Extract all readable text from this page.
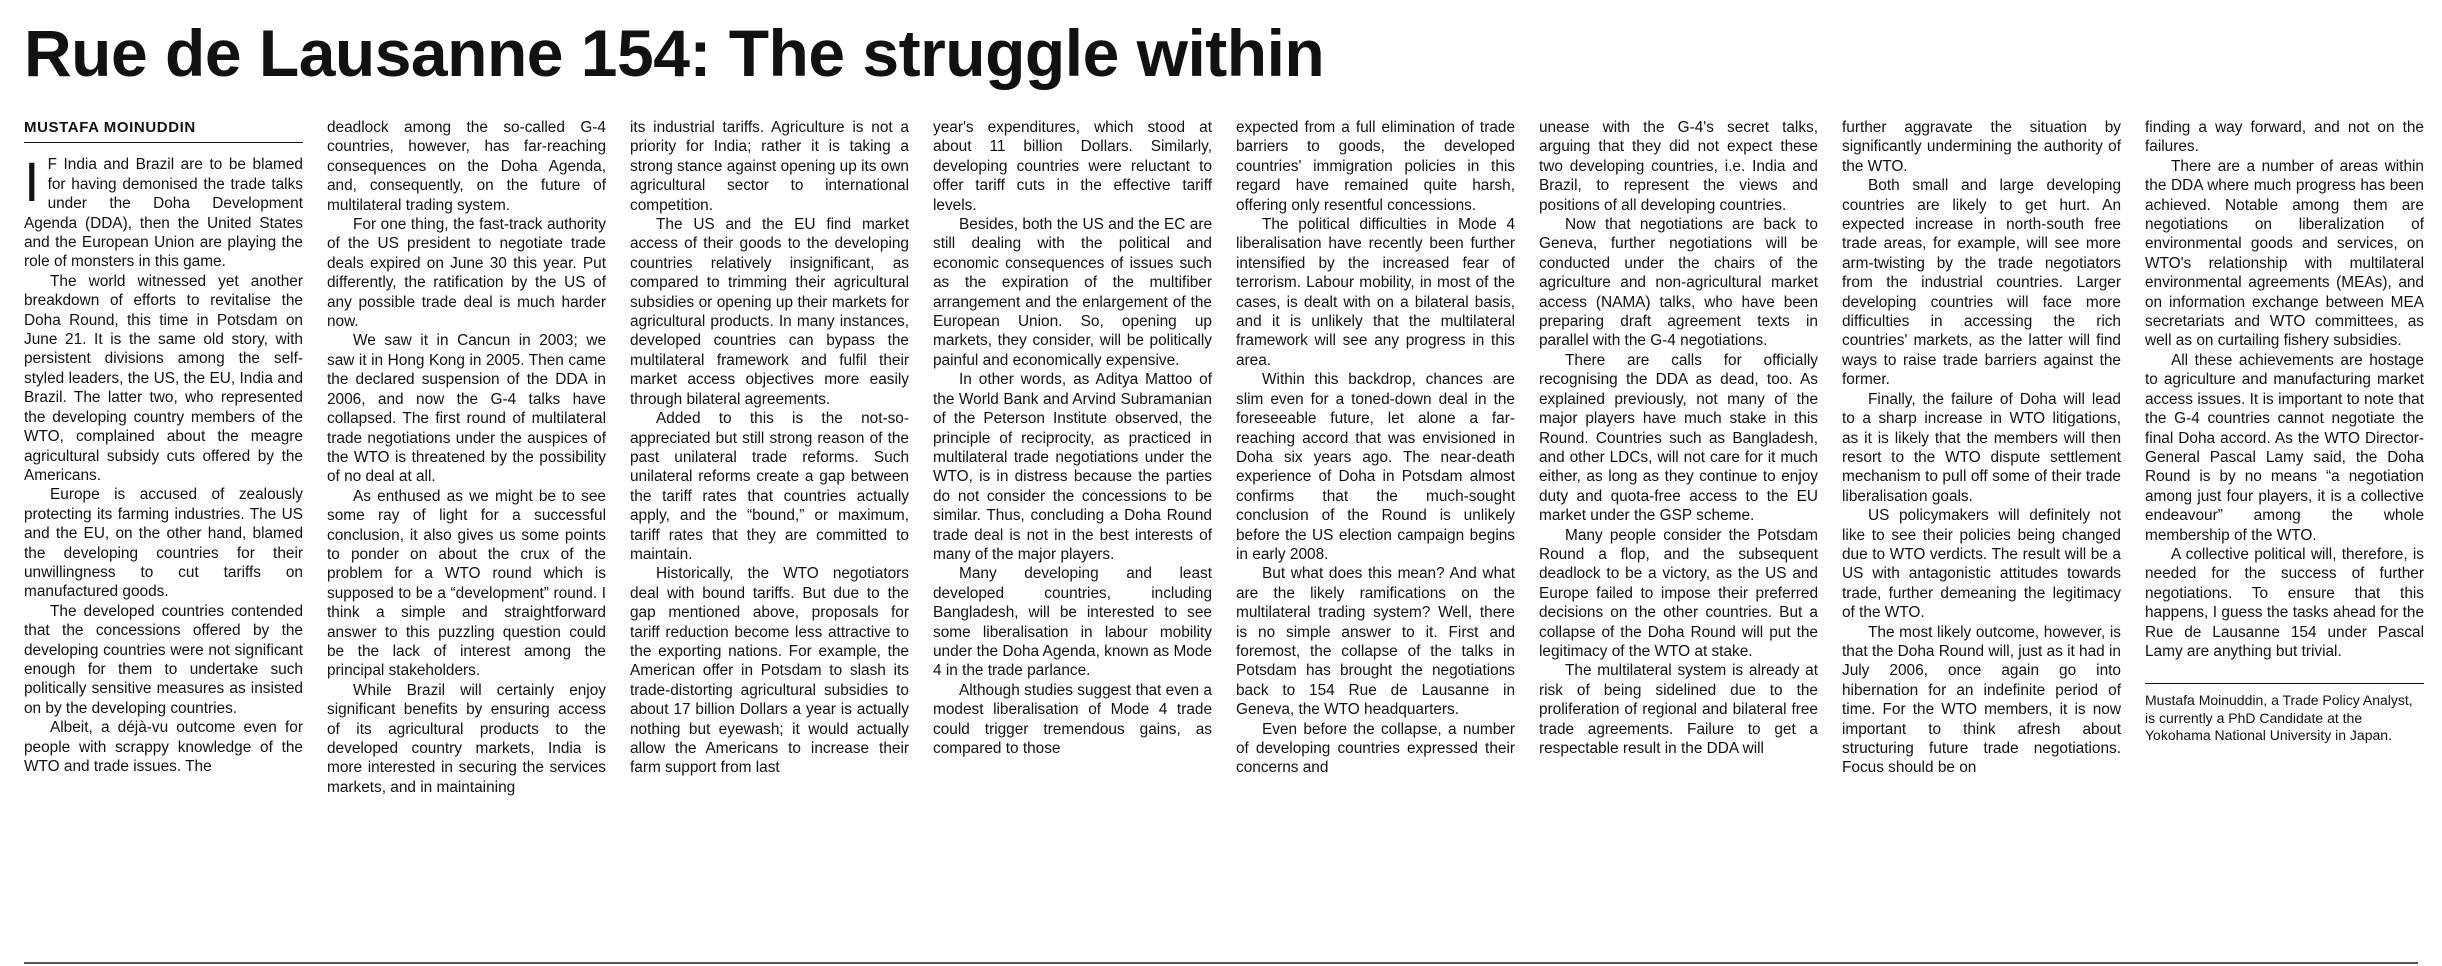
Rue de Lausanne 154: The struggle within
MUSTAFA MOINUDDIN

I F India and Brazil are to be blamed for having demonised the trade talks under the Doha Development Agenda (DDA), then the United States and the European Union are playing the role of monsters in this game.

The world witnessed yet another breakdown of efforts to revitalise the Doha Round, this time in Potsdam on June 21. It is the same old story, with persistent divisions among the self-styled leaders, the US, the EU, India and Brazil. The latter two, who represented the developing country members of the WTO, complained about the meagre agricultural subsidy cuts offered by the Americans.

Europe is accused of zealously protecting its farming industries. The US and the EU, on the other hand, blamed the developing countries for their unwillingness to cut tariffs on manufactured goods.

The developed countries contended that the concessions offered by the developing countries were not significant enough for them to undertake such politically sensitive measures as insisted on by the developing countries.

Albeit, a déjà-vu outcome even for people with scrappy knowledge of the WTO and trade issues. The

deadlock among the so-called G-4 countries, however, has far-reaching consequences on the Doha Agenda, and, consequently, on the future of multilateral trading system.

For one thing, the fast-track authority of the US president to negotiate trade deals expired on June 30 this year. Put differently, the ratification by the US of any possible trade deal is much harder now.

We saw it in Cancun in 2003; we saw it in Hong Kong in 2005. Then came the declared suspension of the DDA in 2006, and now the G-4 talks have collapsed. The first round of multilateral trade negotiations under the auspices of the WTO is threatened by the possibility of no deal at all.

As enthused as we might be to see some ray of light for a successful conclusion, it also gives us some points to ponder on about the crux of the problem for a WTO round which is supposed to be a “development” round. I think a simple and straightforward answer to this puzzling question could be the lack of interest among the principal stakeholders.

While Brazil will certainly enjoy significant benefits by ensuring access of its agricultural products to the developed country markets, India is more interested in securing the services markets, and in maintaining

its industrial tariffs. Agriculture is not a priority for India; rather it is taking a strong stance against opening up its own agricultural sector to international competition.

The US and the EU find market access of their goods to the developing countries relatively insignificant, as compared to trimming their agricultural subsidies or opening up their markets for agricultural products. In many instances, developed countries can bypass the multilateral framework and fulfil their market access objectives more easily through bilateral agreements.

Added to this is the not-so-appreciated but still strong reason of the past unilateral trade reforms. Such unilateral reforms create a gap between the tariff rates that countries actually apply, and the “bound,” or maximum, tariff rates that they are committed to maintain.

Historically, the WTO negotiators deal with bound tariffs. But due to the gap mentioned above, proposals for tariff reduction become less attractive to the exporting nations. For example, the American offer in Potsdam to slash its trade-distorting agricultural subsidies to about 17 billion Dollars a year is actually nothing but eyewash; it would actually allow the Americans to increase their farm support from last

year's expenditures, which stood at about 11 billion Dollars. Similarly, developing countries were reluctant to offer tariff cuts in the effective tariff levels.

Besides, both the US and the EC are still dealing with the political and economic consequences of issues such as the expiration of the multifiber arrangement and the enlargement of the European Union. So, opening up markets, they consider, will be politically painful and economically expensive.

In other words, as Aditya Mattoo of the World Bank and Arvind Subramanian of the Peterson Institute observed, the principle of reciprocity, as practiced in multilateral trade negotiations under the WTO, is in distress because the parties do not consider the concessions to be similar. Thus, concluding a Doha Round trade deal is not in the best interests of many of the major players.

Many developing and least developed countries, including Bangladesh, will be interested to see some liberalisation in labour mobility under the Doha Agenda, known as Mode 4 in the trade parlance.

Although studies suggest that even a modest liberalisation of Mode 4 trade could trigger tremendous gains, as compared to those

expected from a full elimination of trade barriers to goods, the developed countries' immigration policies in this regard have remained quite harsh, offering only resentful concessions.

The political difficulties in Mode 4 liberalisation have recently been further intensified by the increased fear of terrorism. Labour mobility, in most of the cases, is dealt with on a bilateral basis, and it is unlikely that the multilateral framework will see any progress in this area.

Within this backdrop, chances are slim even for a toned-down deal in the foreseeable future, let alone a far-reaching accord that was envisioned in Doha six years ago. The near-death experience of Doha in Potsdam almost confirms that the much-sought conclusion of the Round is unlikely before the US election campaign begins in early 2008.

But what does this mean? And what are the likely ramifications on the multilateral trading system? Well, there is no simple answer to it. First and foremost, the collapse of the talks in Potsdam has brought the negotiations back to 154 Rue de Lausanne in Geneva, the WTO headquarters.

Even before the collapse, a number of developing countries expressed their concerns and

unease with the G-4's secret talks, arguing that they did not expect these two developing countries, i.e. India and Brazil, to represent the views and positions of all developing countries.

Now that negotiations are back to Geneva, further negotiations will be conducted under the chairs of the agriculture and non-agricultural market access (NAMA) talks, who have been preparing draft agreement texts in parallel with the G-4 negotiations.

There are calls for officially recognising the DDA as dead, too. As explained previously, not many of the major players have much stake in this Round. Countries such as Bangladesh, and other LDCs, will not care for it much either, as long as they continue to enjoy duty and quota-free access to the EU market under the GSP scheme.

Many people consider the Potsdam Round a flop, and the subsequent deadlock to be a victory, as the US and Europe failed to impose their preferred decisions on the other countries. But a collapse of the Doha Round will put the legitimacy of the WTO at stake.

The multilateral system is already at risk of being sidelined due to the proliferation of regional and bilateral free trade agreements. Failure to get a respectable result in the DDA will

further aggravate the situation by significantly undermining the authority of the WTO.

Both small and large developing countries are likely to get hurt. An expected increase in north-south free trade areas, for example, will see more arm-twisting by the trade negotiators from the industrial countries. Larger developing countries will face more difficulties in accessing the rich countries' markets, as the latter will find ways to raise trade barriers against the former.

Finally, the failure of Doha will lead to a sharp increase in WTO litigations, as it is likely that the members will then resort to the WTO dispute settlement mechanism to pull off some of their trade liberalisation goals.

US policymakers will definitely not like to see their policies being changed due to WTO verdicts. The result will be a US with antagonistic attitudes towards trade, further demeaning the legitimacy of the WTO.

The most likely outcome, however, is that the Doha Round will, just as it had in July 2006, once again go into hibernation for an indefinite period of time. For the WTO members, it is now important to think afresh about structuring future trade negotiations. Focus should be on

finding a way forward, and not on the failures.

There are a number of areas within the DDA where much progress has been achieved. Notable among them are negotiations on liberalization of environmental goods and services, on WTO's relationship with multilateral environmental agreements (MEAs), and on information exchange between MEA secretariats and WTO committees, as well as on curtailing fishery subsidies.

All these achievements are hostage to agriculture and manufacturing market access issues. It is important to note that the G-4 countries cannot negotiate the final Doha accord. As the WTO Director-General Pascal Lamy said, the Doha Round is by no means “a negotiation among just four players, it is a collective endeavour” among the whole membership of the WTO.

A collective political will, therefore, is needed for the success of further negotiations. To ensure that this happens, I guess the tasks ahead for the Rue de Lausanne 154 under Pascal Lamy are anything but trivial.

Mustafa Moinuddin, a Trade Policy Analyst, is currently a PhD Candidate at the Yokohama National University in Japan.
